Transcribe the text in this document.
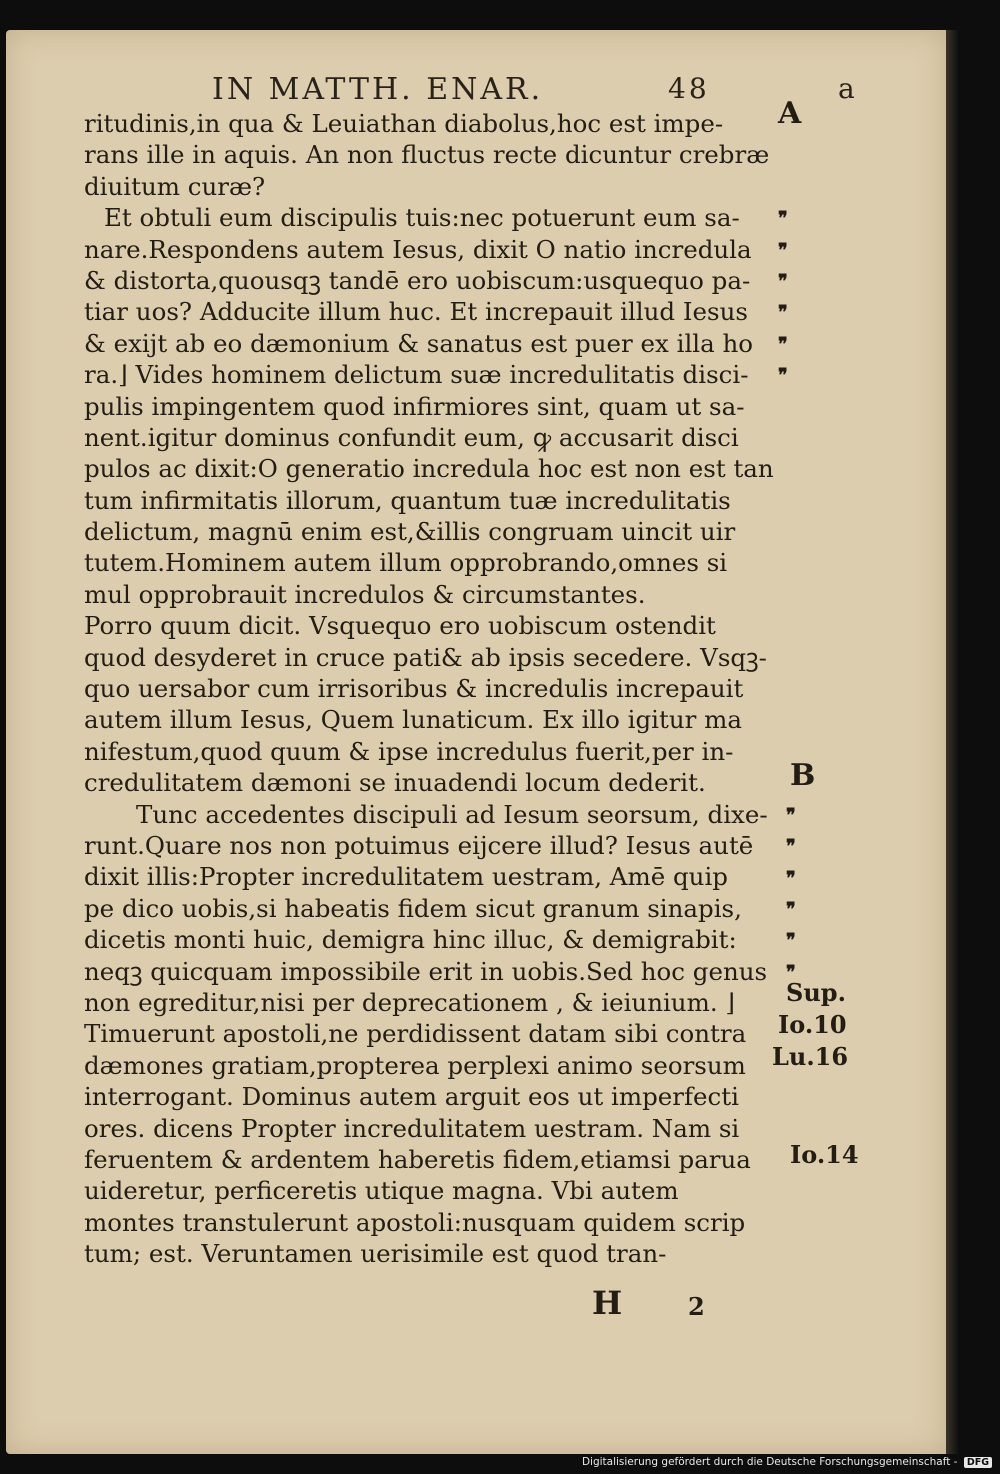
IN MATTH. ENAR.	48	a
ritudinis,in qua & Leuiathan diabolus,hoc est impe-
rans ille in aquis. An non fluctus recte dicuntur crebræ
diuitum curæ?
Et obtuli eum discipulis tuis:nec potuerunt eum sa-
nare.Respondens autem Iesus, dixit O natio incredula
& distorta,quousqꝫ tandē ero uobiscum:usquequo pa-
tiar uos? Adducite illum huc. Et increpauit illud Iesus
& exijt ab eo dæmonium & sanatus est puer ex illa ho
ra.⌋ Vides hominem delictum suæ incredulitatis disci-
pulis impingentem quod infirmiores sint, quam ut sa-
nent.igitur dominus confundit eum, ꝙ accusarit disci
pulos ac dixit:O generatio incredula hoc est non est tan
tum infirmitatis illorum, quantum tuæ incredulitatis
delictum, magnū enim est,&illis congruam uincit uir
tutem.Hominem autem illum opprobrando,omnes si
mul opprobrauit incredulos & circumstantes.
Porro quum dicit. Vsquequo ero uobiscum ostendit
quod desyderet in cruce pati& ab ipsis secedere. Vsqꝫ-
quo uersabor cum irrisoribus & incredulis increpauit
autem illum Iesus, Quem lunaticum. Ex illo igitur ma
nifestum,quod quum & ipse incredulus fuerit,per in-
credulitatem dæmoni se inuadendi locum dederit.
Tunc accedentes discipuli ad Iesum seorsum, dixe-
runt.Quare nos non potuimus eijcere illud? Iesus autē
dixit illis:Propter incredulitatem uestram, Amē quip
pe dico uobis,si habeatis fidem sicut granum sinapis,
dicetis monti huic, demigra hinc illuc, & demigrabit:
neqꝫ quicquam impossibile erit in uobis.Sed hoc genus
non egreditur,nisi per deprecationem , & ieiunium. ⌋
Timuerunt apostoli,ne perdidissent datam sibi contra
dæmones gratiam,propterea perplexi animo seorsum
interrogant. Dominus autem arguit eos ut imperfecti
ores. dicens Propter incredulitatem uestram. Nam si
feruentem & ardentem haberetis fidem,etiamsi parua
uideretur, perficeretis utique magna. Vbi autem
montes transtulerunt apostoli:nusquam quidem scrip
tum; est. Veruntamen uerisimile est quod tran-
A
B
Sup.
Io.10
Lu.16
Io.14
❞
❞
❞
❞
❞
❞
❞
❞
❞
❞
❞
❞
H	2
Digitalisierung gefördert durch die Deutsche Forschungsgemeinschaft - DFG
